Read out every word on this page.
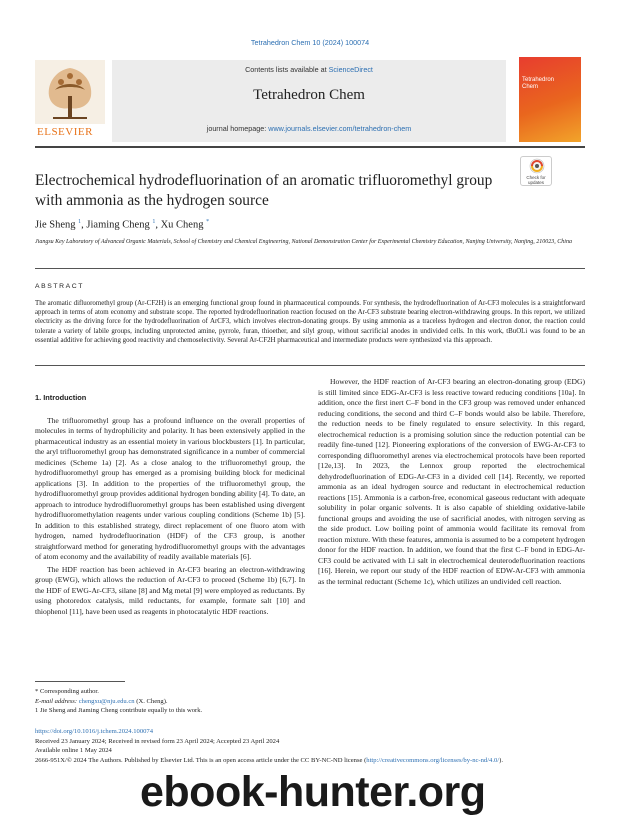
Tetrahedron Chem 10 (2024) 100074
ELSEVIER
Contents lists available at ScienceDirect
Tetrahedron Chem
journal homepage: www.journals.elsevier.com/tetrahedron-chem
Tetrahedron
Chem
Electrochemical hydrodefluorination of an aromatic trifluoromethyl group with ammonia as the hydrogen source
Check for
updates
Jie Sheng $^1$, Jiaming Cheng $^1$, Xu Cheng *
Jiangsu Key Laboratory of Advanced Organic Materials, School of Chemistry and Chemical Engineering, National Demonstration Center for Experimental Chemistry Education, Nanjing University, Nanjing, 210023, China
ABSTRACT
The aromatic difluoromethyl group (Ar-CF2H) is an emerging functional group found in pharmaceutical compounds. For synthesis, the hydrodefluorination of Ar-CF3 molecules is a straightforward approach in terms of atom economy and substrate scope. The reported hydrodefluorination reaction focused on the Ar-CF3 substrate bearing electron-withdrawing groups. In this report, we utilized electricity as the driving force for the hydrodefluorination of ArCF3, which involves electron-donating groups. By using ammonia as a traceless hydrogen and electron donor, the reaction could tolerate a variety of labile groups, including unprotected amine, pyrrole, furan, thioether, and silyl group, without sacrificial anodes in undivided cells. In this work, tBuOLi was found to be an essential additive for achieving good reactivity and chemoselectivity. Several Ar-CF2H pharmaceutical and intermediate products were synthesized via this approach.
1. Introduction

The trifluoromethyl group has a profound influence on the overall properties of molecules in terms of hydrophilicity and polarity. It has been extensively applied in the pharmaceutical industry as an essential moiety in various blockbusters [1]. In particular, the aryl trifluoromethyl group has demonstrated significance in a number of commercial medicines (Scheme 1a) [2]. As a close analog to the trifluoromethyl group, the hydrodifluoromethyl group has emerged as a promising building block for medicinal applications [3]. In addition to the properties of the trifluoromethyl group, the hydrodifluoromethyl group provides additional hydrogen bonding ability [4]. To date, an approach to introduce hydrodifluoromethyl groups has been established using divergent hydrodifluoromethylation reagents under various coupling conditions (Scheme 1b) [5]. In addition to this established strategy, direct replacement of one fluoro atom with hydrogen, named hydrodefluorination (HDF) of the CF3 group, is another straightforward method for generating hydrodifluoromethyl groups with the advantages of atom economy and the availability of readily available materials [6].

The HDF reaction has been achieved in Ar-CF3 bearing an electron-withdrawing group (EWG), which allows the reduction of Ar-CF3 to proceed (Scheme 1b) [6,7]. In the HDF of EWG-Ar-CF3, silane [8] and Mg metal [9] were employed as reductants. By using photoredox catalysis, mild reductants, for example, formate salt [10] and thiophenol [11], have been used as reagents in photocatalytic HDF reactions.

However, the HDF reaction of Ar-CF3 bearing an electron-donating group (EDG) is still limited since EDG-Ar-CF3 is less reactive toward reducing conditions [10a]. In addition, once the first inert C–F bond in the CF3 group was removed under enhanced reducing conditions, the second and third C–F bonds would also be labile. Therefore, the reduction needs to be finely regulated to ensure selectivity. In this regard, electrochemical reduction is a promising solution since the reduction potential can be readily fine-tuned [12]. Pioneering explorations of the conversion of EWG-Ar-CF3 to corresponding difluoromethyl arenes via electrochemical protocols have been reported [12e,13]. In 2023, the Lennox group reported the electrochemical dehydrodefluorination of EDG-Ar-CF3 in a divided cell [14]. Recently, we reported ammonia as an ideal hydrogen source and reductant in electrochemical reduction reactions [15]. Ammonia is a carbon-free, economical gaseous reductant with adequate solubility in polar organic solvents. It is also capable of shielding oxidative-labile functional groups and avoiding the use of sacrificial anodes, with nitrogen serving as the side product. Low boiling point of ammonia would facilitate its removal from reaction mixture. With these features, ammonia is assumed to be a competent hydrogen donor for the HDF reaction. In addition, we found that the first C–F bond in EDG-Ar-CF3 could be activated with Li salt in electrochemical deuterodefluorination reactions [16]. Herein, we report our study of the HDF reaction of EDW-Ar-CF3 with ammonia as the terminal reductant (Scheme 1c), which utilizes an undivided cell reaction.

* Corresponding author.
E-mail address: chengxu@nju.edu.cn (X. Cheng).
1 Jie Sheng and Jiaming Cheng contribute equally to this work.
https://doi.org/10.1016/j.tchem.2024.100074
Received 23 January 2024; Received in revised form 23 April 2024; Accepted 23 April 2024
Available online 1 May 2024
2666-951X/© 2024 The Authors. Published by Elsevier Ltd. This is an open access article under the CC BY-NC-ND license (http://creativecommons.org/licenses/by-nc-nd/4.0/).
ebook-hunter.org
